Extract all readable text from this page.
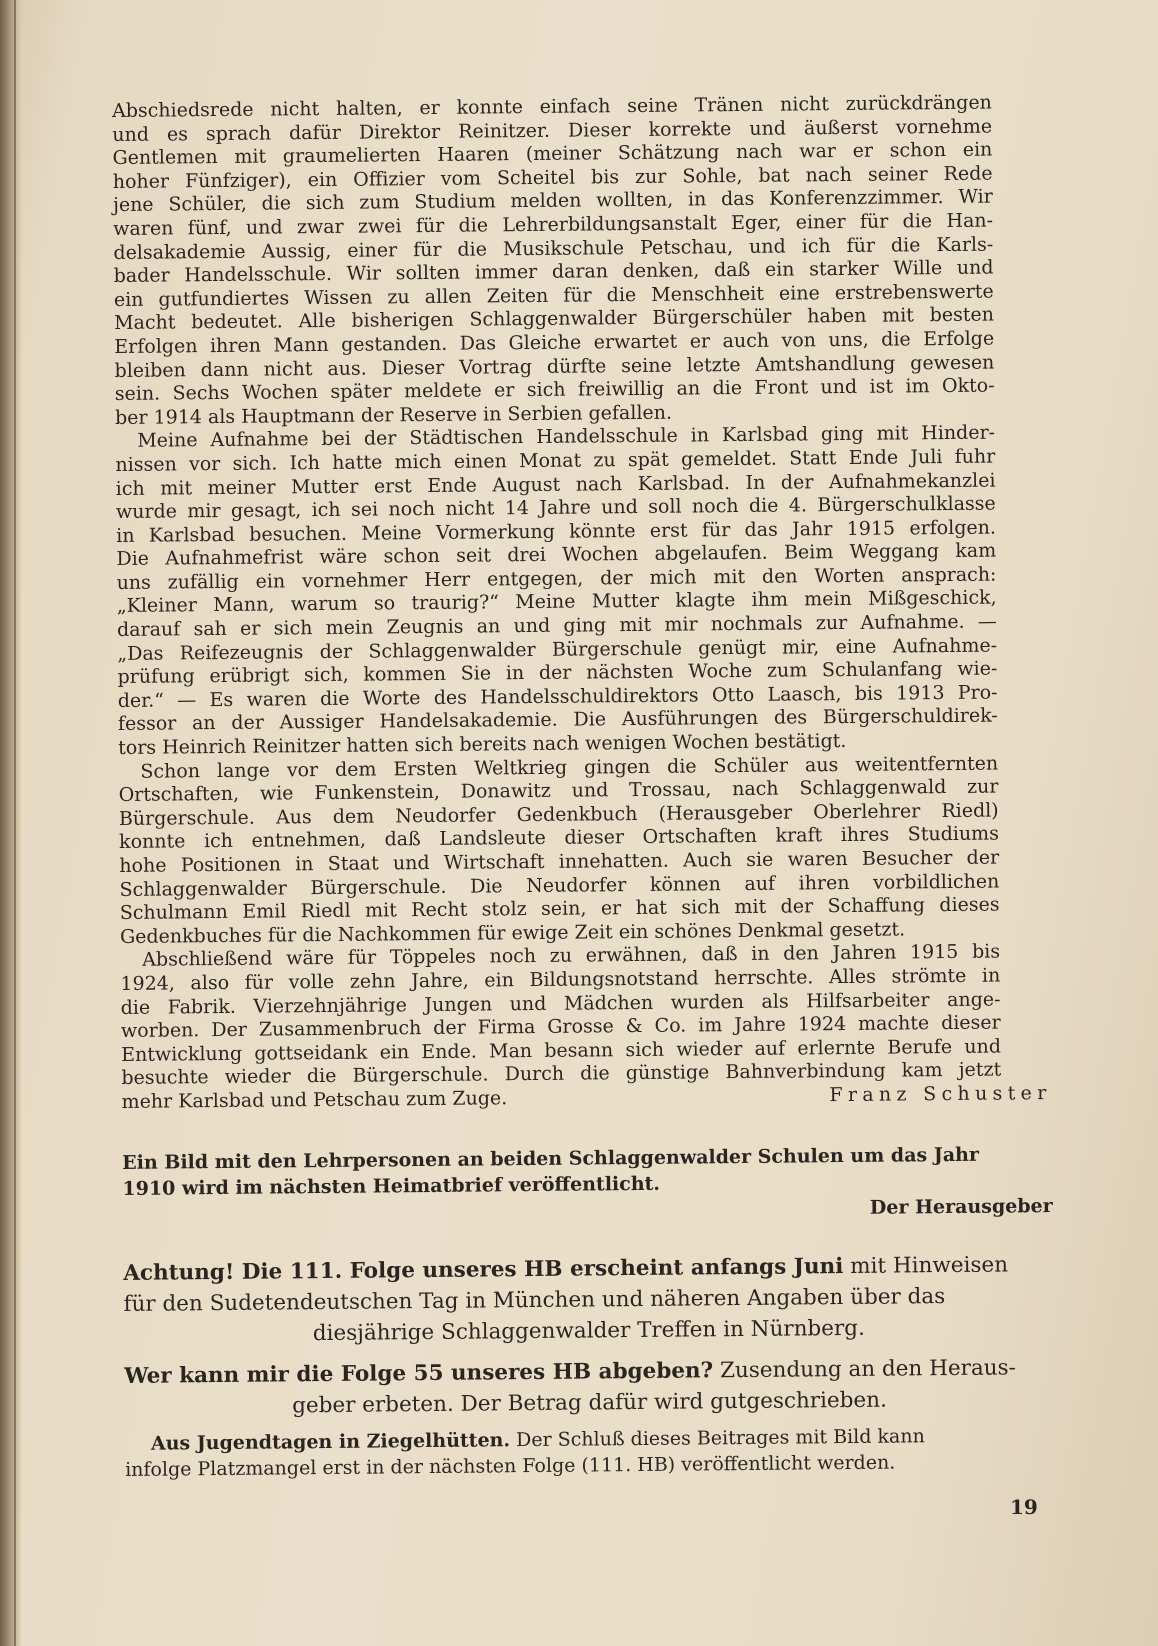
Abschiedsrede nicht halten, er konnte einfach seine Tränen nicht zurückdrängen
und es sprach dafür Direktor Reinitzer. Dieser korrekte und äußerst vornehme
Gentlemen mit graumelierten Haaren (meiner Schätzung nach war er schon ein
hoher Fünfziger), ein Offizier vom Scheitel bis zur Sohle, bat nach seiner Rede
jene Schüler, die sich zum Studium melden wollten, in das Konferenzzimmer. Wir
waren fünf, und zwar zwei für die Lehrerbildungsanstalt Eger, einer für die Han-
delsakademie Aussig, einer für die Musikschule Petschau, und ich für die Karls-
bader Handelsschule. Wir sollten immer daran denken, daß ein starker Wille und
ein gutfundiertes Wissen zu allen Zeiten für die Menschheit eine erstrebenswerte
Macht bedeutet. Alle bisherigen Schlaggenwalder Bürgerschüler haben mit besten
Erfolgen ihren Mann gestanden. Das Gleiche erwartet er auch von uns, die Erfolge
bleiben dann nicht aus. Dieser Vortrag dürfte seine letzte Amtshandlung gewesen
sein. Sechs Wochen später meldete er sich freiwillig an die Front und ist im Okto-
ber 1914 als Hauptmann der Reserve in Serbien gefallen.
Meine Aufnahme bei der Städtischen Handelsschule in Karlsbad ging mit Hinder-
nissen vor sich. Ich hatte mich einen Monat zu spät gemeldet. Statt Ende Juli fuhr
ich mit meiner Mutter erst Ende August nach Karlsbad. In der Aufnahmekanzlei
wurde mir gesagt, ich sei noch nicht 14 Jahre und soll noch die 4. Bürgerschulklasse
in Karlsbad besuchen. Meine Vormerkung könnte erst für das Jahr 1915 erfolgen.
Die Aufnahmefrist wäre schon seit drei Wochen abgelaufen. Beim Weggang kam
uns zufällig ein vornehmer Herr entgegen, der mich mit den Worten ansprach:
„Kleiner Mann, warum so traurig?“ Meine Mutter klagte ihm mein Mißgeschick,
darauf sah er sich mein Zeugnis an und ging mit mir nochmals zur Aufnahme. —
„Das Reifezeugnis der Schlaggenwalder Bürgerschule genügt mir, eine Aufnahme-
prüfung erübrigt sich, kommen Sie in der nächsten Woche zum Schulanfang wie-
der.“ — Es waren die Worte des Handelsschuldirektors Otto Laasch, bis 1913 Pro-
fessor an der Aussiger Handelsakademie. Die Ausführungen des Bürgerschuldirek-
tors Heinrich Reinitzer hatten sich bereits nach wenigen Wochen bestätigt.
Schon lange vor dem Ersten Weltkrieg gingen die Schüler aus weitentfernten
Ortschaften, wie Funkenstein, Donawitz und Trossau, nach Schlaggenwald zur
Bürgerschule. Aus dem Neudorfer Gedenkbuch (Herausgeber Oberlehrer Riedl)
konnte ich entnehmen, daß Landsleute dieser Ortschaften kraft ihres Studiums
hohe Positionen in Staat und Wirtschaft innehatten. Auch sie waren Besucher der
Schlaggenwalder Bürgerschule. Die Neudorfer können auf ihren vorbildlichen
Schulmann Emil Riedl mit Recht stolz sein, er hat sich mit der Schaffung dieses
Gedenkbuches für die Nachkommen für ewige Zeit ein schönes Denkmal gesetzt.
Abschließend wäre für Töppeles noch zu erwähnen, daß in den Jahren 1915 bis
1924, also für volle zehn Jahre, ein Bildungsnotstand herrschte. Alles strömte in
die Fabrik. Vierzehnjährige Jungen und Mädchen wurden als Hilfsarbeiter ange-
worben. Der Zusammenbruch der Firma Grosse & Co. im Jahre 1924 machte dieser
Entwicklung gottseidank ein Ende. Man besann sich wieder auf erlernte Berufe und
besuchte wieder die Bürgerschule. Durch die günstige Bahnverbindung kam jetzt
mehr Karlsbad und Petschau zum Zuge.	Franz Schuster
Ein Bild mit den Lehrpersonen an beiden Schlaggenwalder Schulen um das Jahr
1910 wird im nächsten Heimatbrief veröffentlicht.
Der Herausgeber
Achtung! Die 111. Folge unseres HB erscheint anfangs Juni mit Hinweisen
für den Sudetendeutschen Tag in München und näheren Angaben über das
diesjährige Schlaggenwalder Treffen in Nürnberg.
Wer kann mir die Folge 55 unseres HB abgeben? Zusendung an den Heraus-
geber erbeten. Der Betrag dafür wird gutgeschrieben.
Aus Jugendtagen in Ziegelhütten. Der Schluß dieses Beitrages mit Bild kann
infolge Platzmangel erst in der nächsten Folge (111. HB) veröffentlicht werden.
19
